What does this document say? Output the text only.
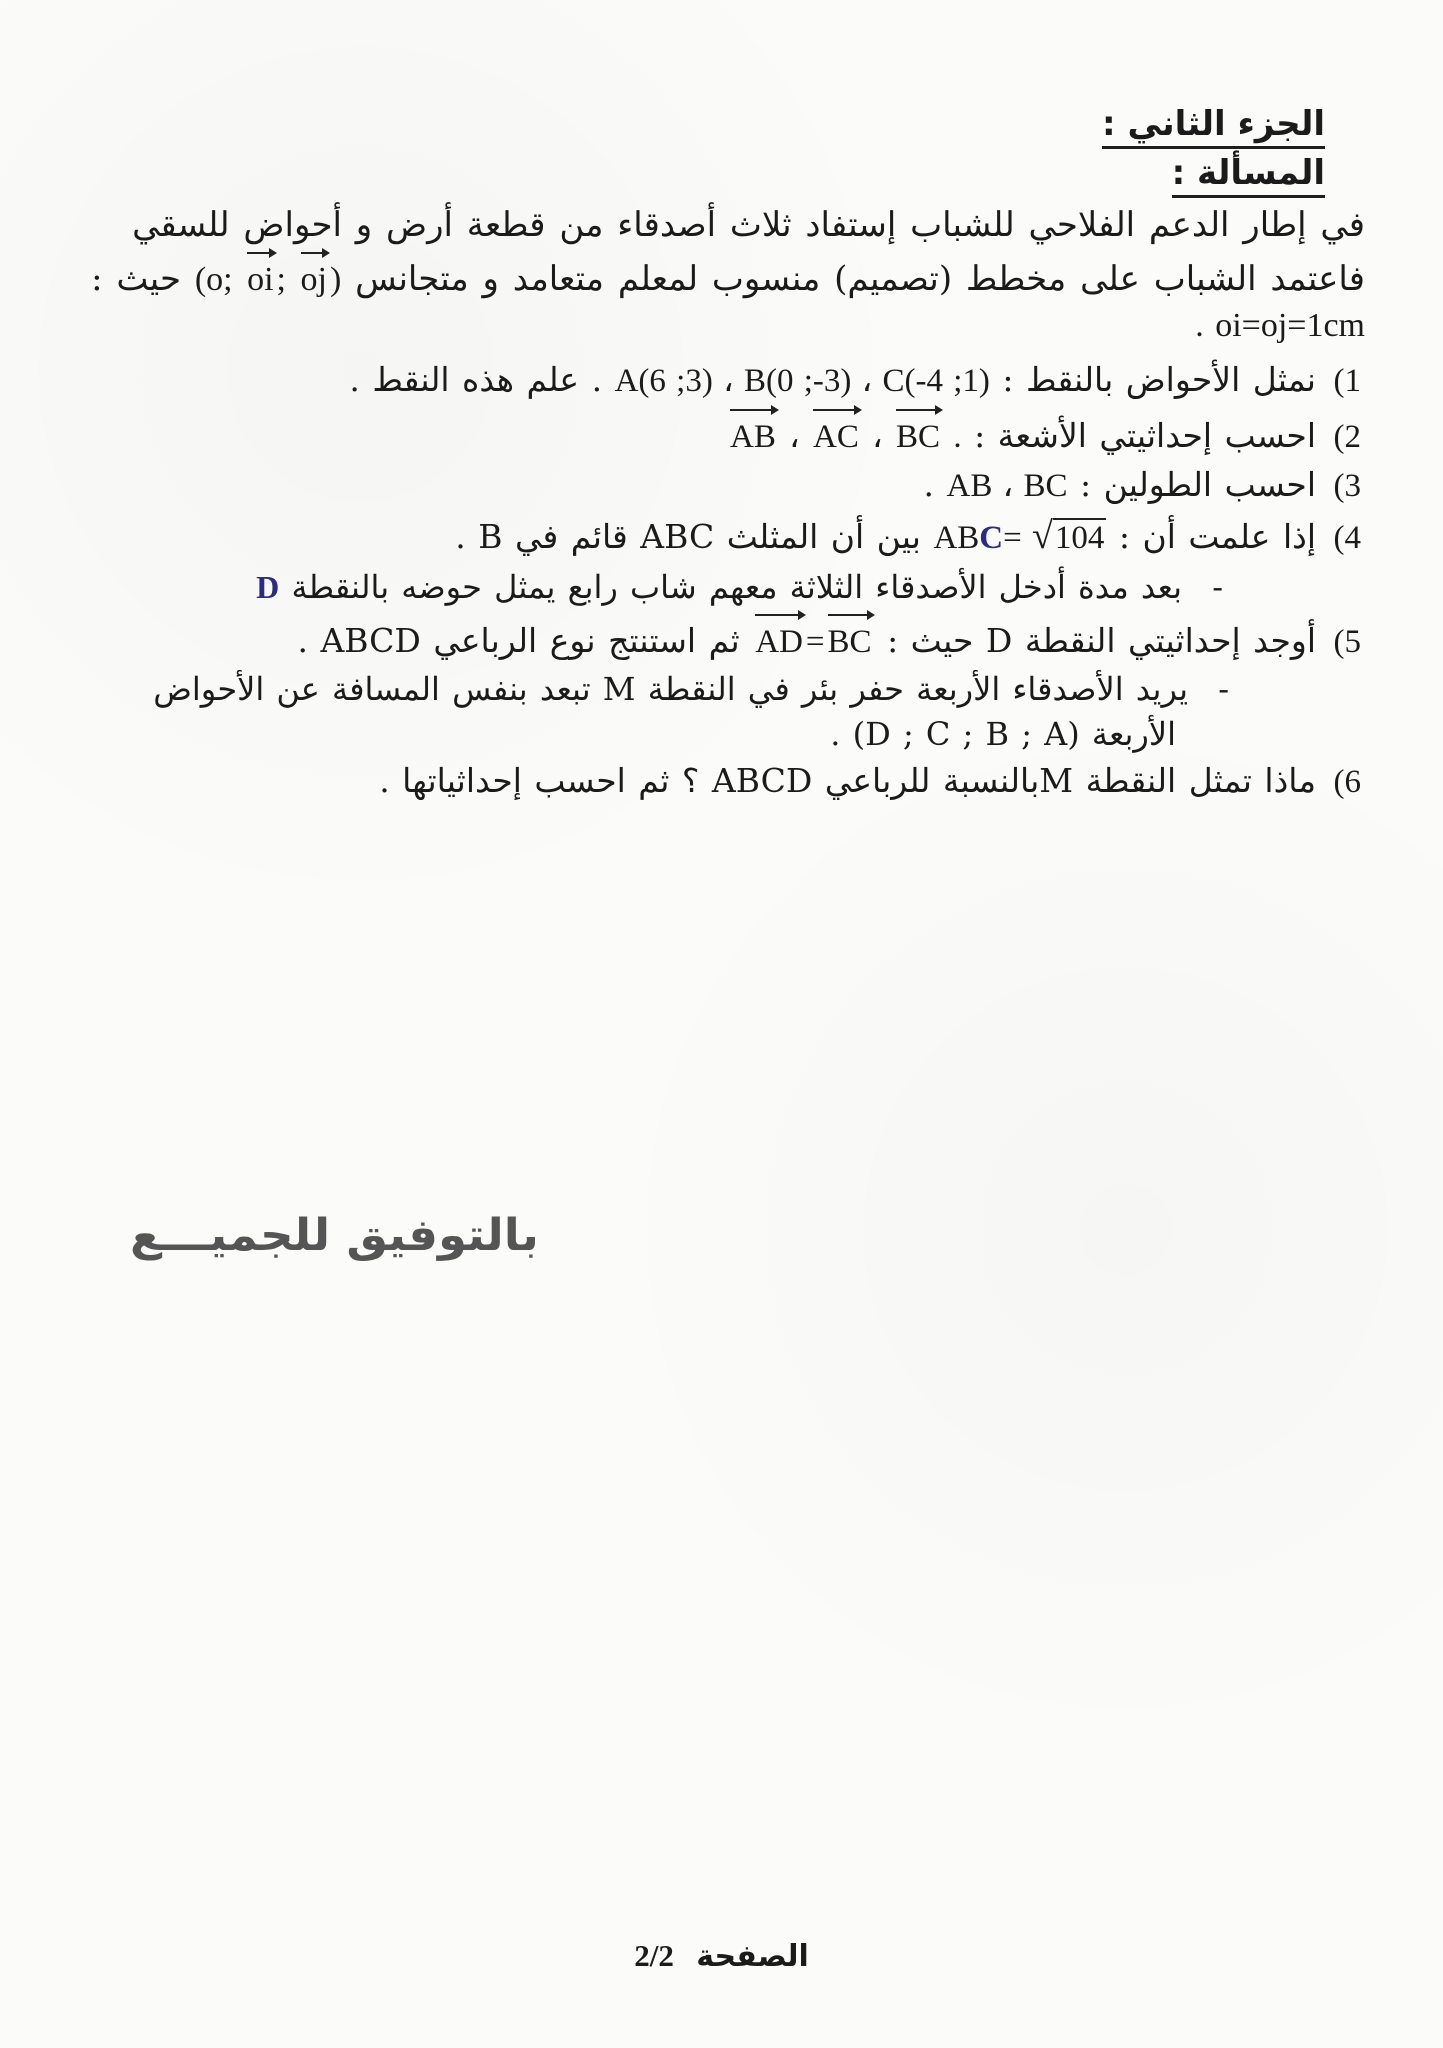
الجزء الثاني :
المسألة :
في إطار الدعم الفلاحي للشباب إستفاد ثلاث أصدقاء من قطعة أرض و أحواض للسقي
فاعتمد الشباب على مخطط (تصميم) منسوب لمعلم متعامد و متجانس (o; oi; oj) حيث :
. oi=oj=1cm
1) نمثل الأحواض بالنقط : A(6 ;3) ، B(0 ;-3) ، C(-4 ;1) . علم هذه النقط .
2) احسب إحداثيتي الأشعة : AB ، AC ، BC .
3) احسب الطولين : AB ، BC .
4) إذا علمت أن : ABC= √104 بين أن المثلث ABC قائم في B .
- بعد مدة أدخل الأصدقاء الثلاثة معهم شاب رابع يمثل حوضه بالنقطة D
5) أوجد إحداثيتي النقطة D حيث : AD=BC ثم استنتج نوع الرباعي ABCD .
- يريد الأصدقاء الأربعة حفر بئر في النقطة M تبعد بنفس المسافة عن الأحواض
الأربعة (D ; C ; B ; A) .
6) ماذا تمثل النقطة Mبالنسبة للرباعي ABCD ؟ ثم احسب إحداثياتها .
بالتوفيق للجميـــع
الصفحة 2/2
